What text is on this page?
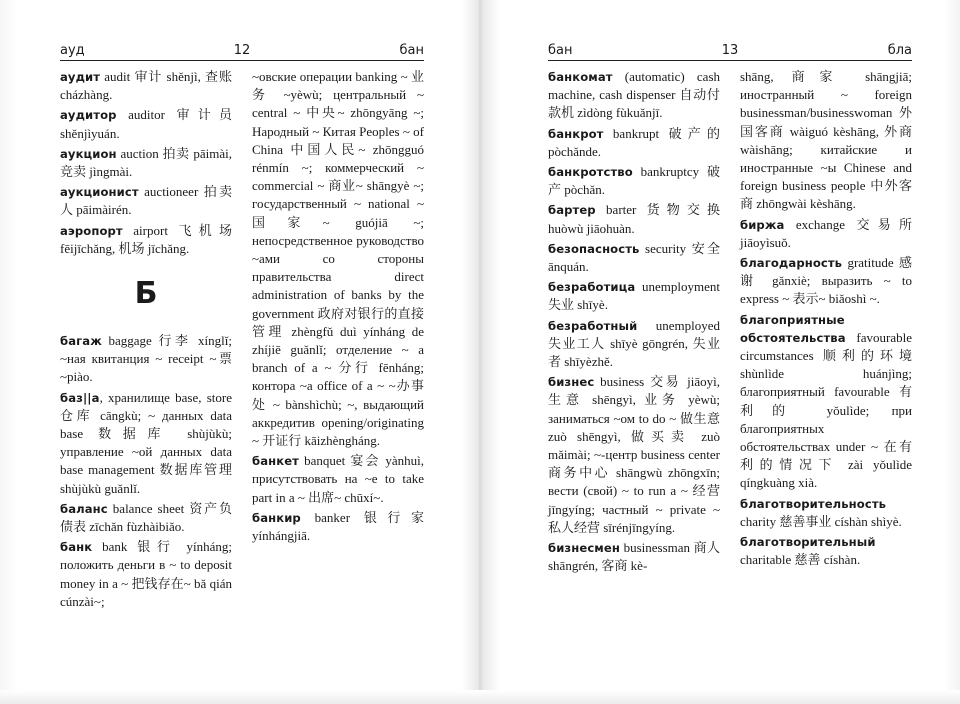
ауд	12	бан

аудит audit 审计 shěnjì, 查账 cházhàng.

аудитор auditor 审计员 shěnjìyuán.

аукцион auction 拍卖 pāimài, 竞卖 jìngmài.

аукционист auctioneer 拍卖人 pāimàirén.

аэропорт airport 飞机场 fēijīchǎng, 机场 jīchǎng.

Б

багаж baggage 行李 xínglǐ; ~ная квитанция ~ receipt ~票 ~piào.

баз||а, хранилище base, store 仓库 cāngkù; ~ данных data base 数据库 shùjùkù; управление ~ой данных data base management 数据库管理 shùjùkù guǎnlǐ.

баланс balance sheet 资产负债表 zīchǎn fùzhàibiǎo.

банк bank 银行 yínháng; положить деньги в ~ to deposit money in a ~ 把钱存在~ bǎ qián cúnzài~;

~овские операции banking ~ 业务 ~yèwù; центральный ~ central ~ 中央~ zhōngyāng ~; Народный ~ Китая Peoples ~ of China 中国人民~ zhōngguó rénmín ~; коммерческий ~ commercial ~ 商业~ shāngyè ~; государственный ~ national ~ 国家~ guójiā ~; непосредственное руководство ~ами со стороны правительства direct administration of banks by the government 政府对银行的直接管理 zhèngfǔ duì yínháng de zhíjiē guǎnlǐ; отделение ~ a branch of a ~ 分行 fēnháng; контора ~а office of a ~ ~办事处 ~ bànshìchù; ~, выдающий аккредитив opening/originating ~ 开证行 kāizhèngháng.

банкет banquet 宴会 yànhuì, присутствовать на ~е to take part in a ~ 出席~ chūxí~.

банкир banker 银行家 yínhángjiā.

бан	13	бла

банкомат (automatic) cash machine, cash dispenser 自动付款机 zìdòng fùkuǎnjī.

банкрот bankrupt 破产的 pòchǎnde.

банкротство bankruptcy 破产 pòchǎn.

бартер barter 货物交换 huòwù jiāohuàn.

безопасность security 安全 ānquán.

безработица unemployment 失业 shīyè.

безработный unemployed 失业工人 shīyè gōngrén, 失业者 shīyèzhě.

бизнес business 交易 jiāoyì, 生意 shēngyì, 业务 yèwù; заниматься ~ом to do ~ 做生意 zuò shēngyì, 做买卖 zuò mǎimài; ~-центр business center 商务中心 shāngwù zhōngxīn; вести (свой) ~ to run a ~ 经营 jīngyíng; частный ~ private ~ 私人经营 sīrénjīngyíng.

бизнесмен businessman 商人 shāngrén, 客商 kè-

shāng, 商家 shāngjiā; иностранный ~ foreign businessman/businesswoman 外国客商 wàiguó kèshāng, 外商 wàishāng; китайские и иностранные ~ы Chinese and foreign business people 中外客商 zhōngwài kèshāng.

биржа exchange 交易所 jiāoyìsuǒ.

благодарность gratitude 感谢 gǎnxiè; выразить ~ to express ~ 表示~ biǎoshì ~.

благоприятные обстоятельства favourable circumstances 顺利的环境 shùnlìde huánjìng; благоприятный favourable 有利的 yǒulìde; при благоприятных обстоятельствах under ~ 在有利的情况下 zài yǒulìde qíngkuàng xià.

благотворительность charity 慈善事业 císhàn shìyè.

благотворительный charitable 慈善 císhàn.
